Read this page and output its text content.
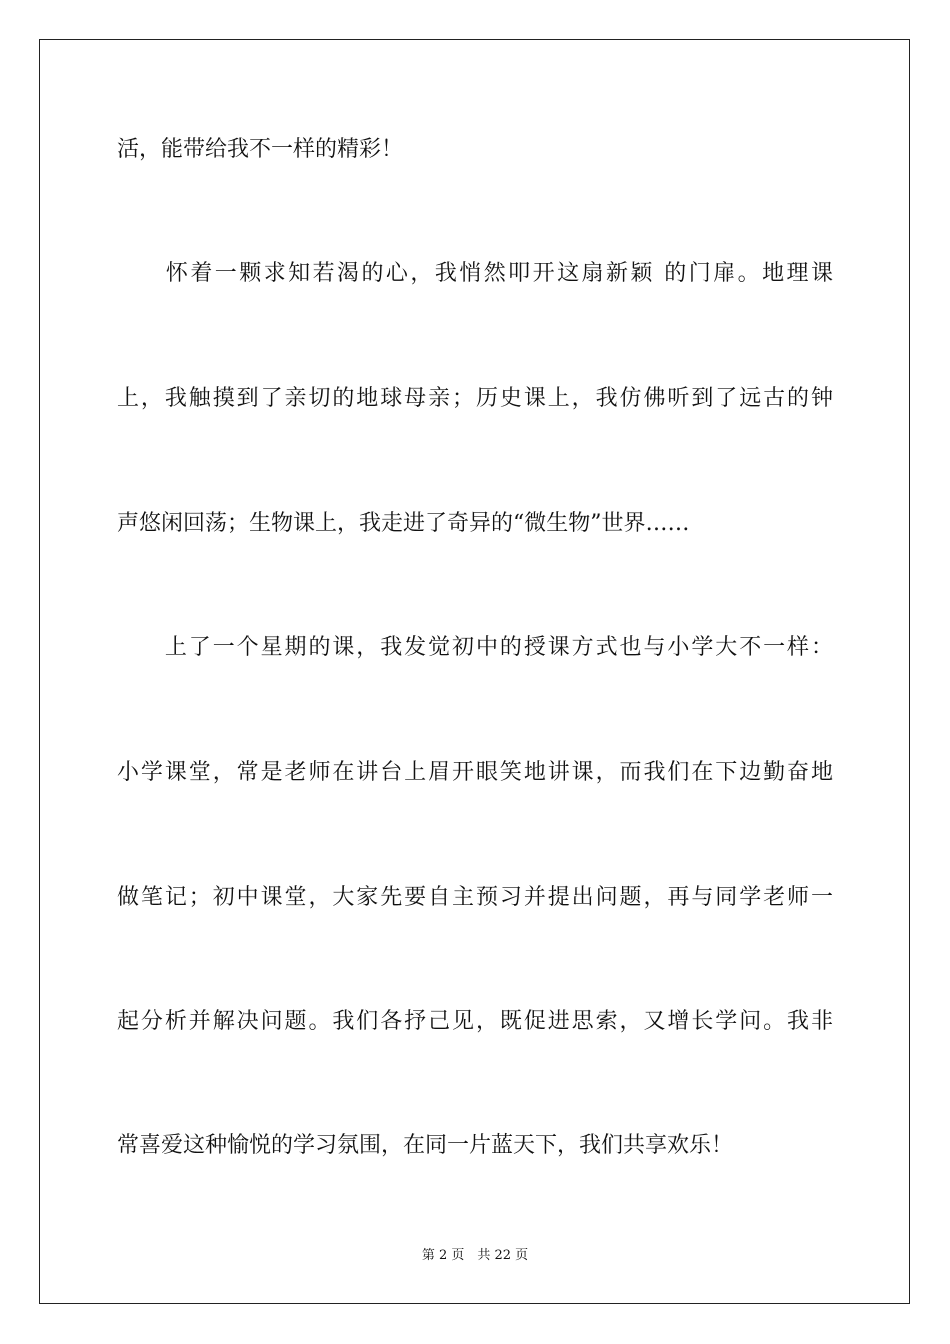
活，能带给我不一样的精彩！
　　怀着一颗求知若渴的心，我悄然叩开这扇新颖 的门扉。地理课
上，我触摸到了亲切的地球母亲；历史课上，我仿佛听到了远古的钟
声悠闲回荡；生物课上，我走进了奇异的“微生物”世界……
　　上了一个星期的课，我发觉初中的授课方式也与小学大不一样：
小学课堂，常是老师在讲台上眉开眼笑地讲课，而我们在下边勤奋地
做笔记；初中课堂，大家先要自主预习并提出问题，再与同学老师一
起分析并解决问题。我们各抒己见，既促进思索，又增长学问。我非
常喜爱这种愉悦的学习氛围，在同一片蓝天下，我们共享欢乐！
第 2 页　共 22 页
